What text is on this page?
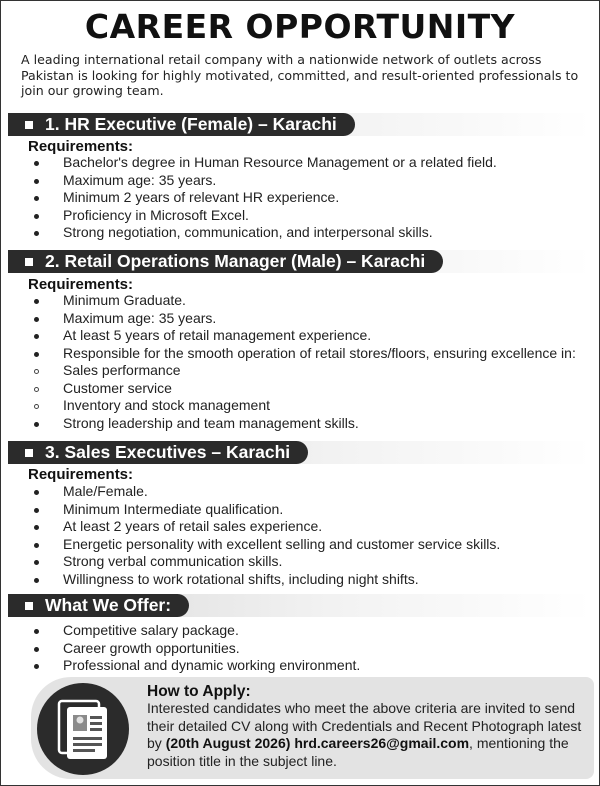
CAREER OPPORTUNITY
A leading international retail company with a nationwide network of outlets across Pakistan is looking for highly motivated, committed, and result-oriented professionals to join our growing team.
1. HR Executive (Female) – Karachi
Requirements:
Bachelor's degree in Human Resource Management or a related field.
Maximum age: 35 years.
Minimum 2 years of relevant HR experience.
Proficiency in Microsoft Excel.
Strong negotiation, communication, and interpersonal skills.
2. Retail Operations Manager (Male) – Karachi
Requirements:
Minimum Graduate.
Maximum age: 35 years.
At least 5 years of retail management experience.
Responsible for the smooth operation of retail stores/floors, ensuring excellence in:
Sales performance
Customer service
Inventory and stock management
Strong leadership and team management skills.
3. Sales Executives – Karachi
Requirements:
Male/Female.
Minimum Intermediate qualification.
At least 2 years of retail sales experience.
Energetic personality with excellent selling and customer service skills.
Strong verbal communication skills.
Willingness to work rotational shifts, including night shifts.
What We Offer:
Competitive salary package.
Career growth opportunities.
Professional and dynamic working environment.
How to Apply:
Interested candidates who meet the above criteria are invited to send their detailed CV along with Credentials and Recent Photograph latest by (20th August 2026) hrd.careers26@gmail.com, mentioning the position title in the subject line.
